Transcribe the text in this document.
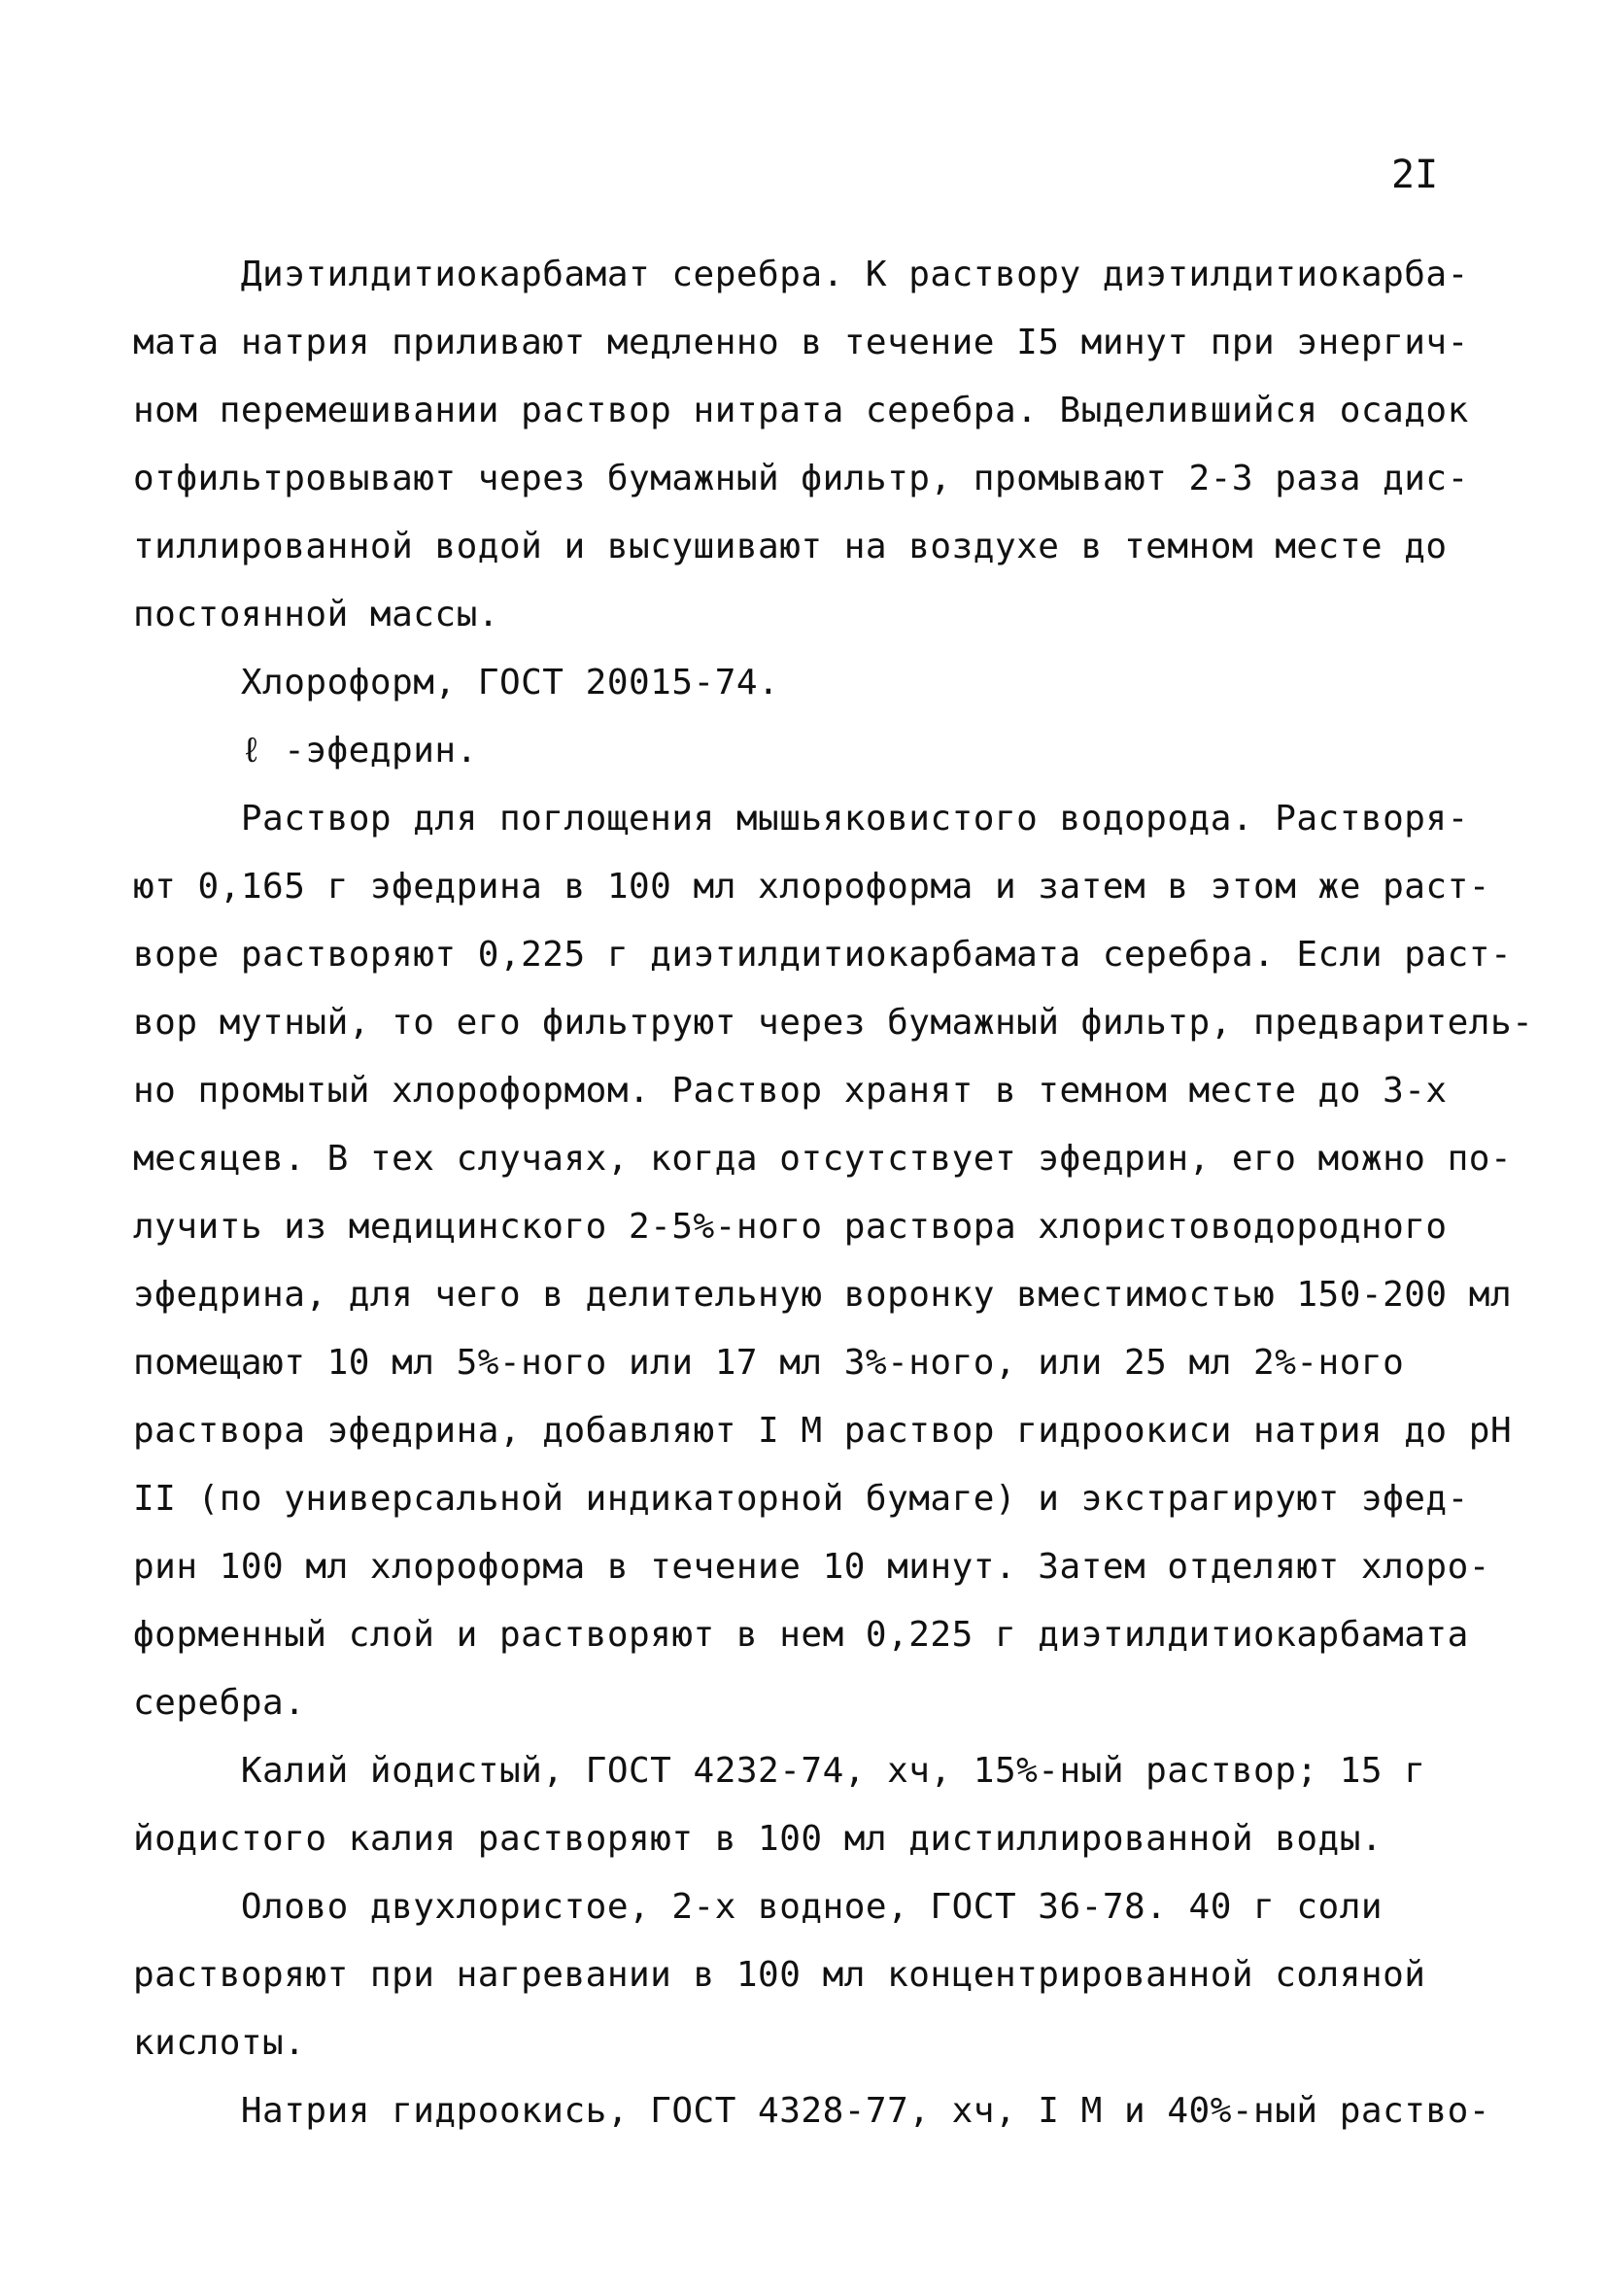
2I
Диэтилдитиокарбамат серебра. К раствору диэтилдитиокарба-
мата натрия приливают медленно в течение I5 минут при энергич-
ном перемешивании раствор нитрата серебра. Выделившийся осадок
отфильтровывают через бумажный фильтр, промывают 2-3 раза дис-
тиллированной водой и высушивают на воздухе в темном месте до
постоянной массы.
Хлороформ, ГОСТ 20015-74.
ℓ -эфедрин.
Раствор для поглощения мышьяковистого водорода. Растворя-
ют 0,165 г эфедрина в 100 мл хлороформа и затем в этом же раст-
воре растворяют 0,225 г диэтилдитиокарбамата серебра. Если раст-
вор мутный, то его фильтруют через бумажный фильтр, предваритель-
но промытый хлороформом. Раствор хранят в темном месте до 3-х
месяцев. В тех случаях, когда отсутствует эфедрин, его можно по-
лучить из медицинского 2-5%-ного раствора хлористоводородного
эфедрина, для чего в делительную воронку вместимостью 150-200 мл
помещают 10 мл 5%-ного или 17 мл 3%-ного, или 25 мл 2%-ного
раствора эфедрина, добавляют I М раствор гидроокиси натрия до pH
II (по универсальной индикаторной бумаге) и экстрагируют эфед-
рин 100 мл хлороформа в течение 10 минут. Затем отделяют хлоро-
форменный слой и растворяют в нем 0,225 г диэтилдитиокарбамата
серебра.
Калий йодистый, ГОСТ 4232-74, хч, 15%-ный раствор; 15 г
йодистого калия растворяют в 100 мл дистиллированной воды.
Олово двухлористое, 2-х водное, ГОСТ 36-78. 40 г соли
растворяют при нагревании в 100 мл концентрированной соляной
кислоты.
Натрия гидроокись, ГОСТ 4328-77, хч, I М и 40%-ный раство-
